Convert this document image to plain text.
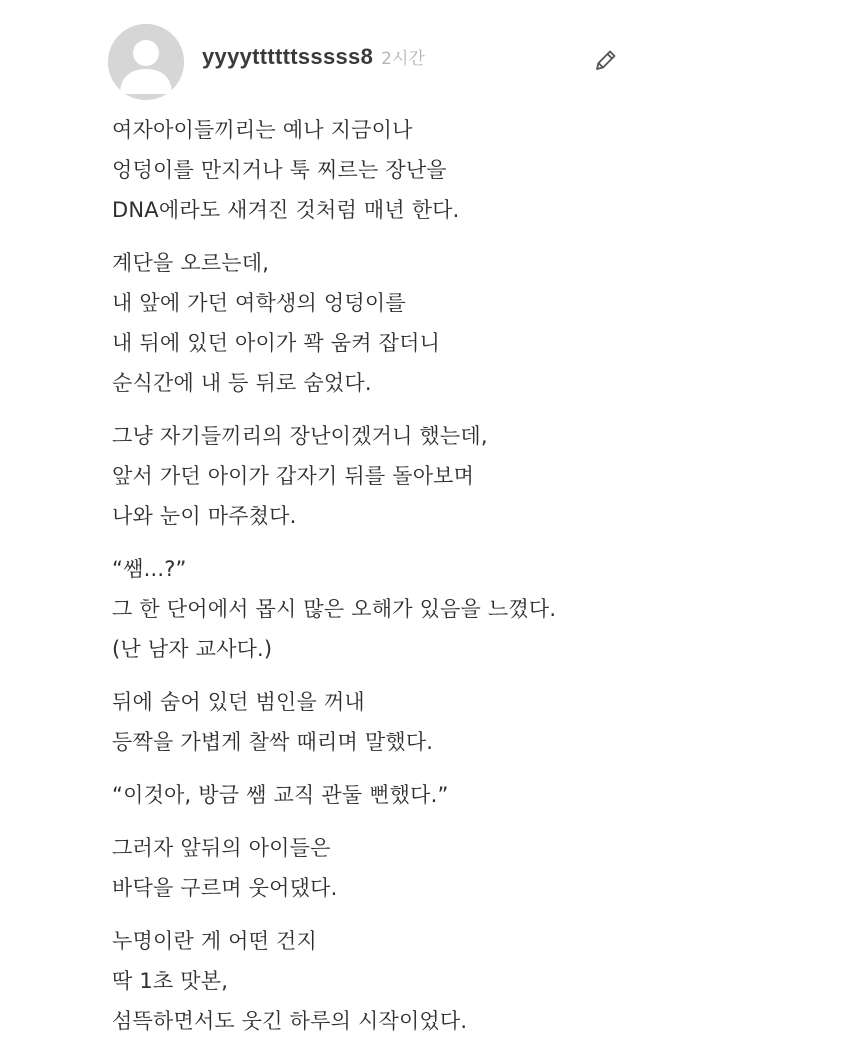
yyyyttttttsssss8 2시간
여자아이들끼리는 예나 지금이나
엉덩이를 만지거나 툭 찌르는 장난을
DNA에라도 새겨진 것처럼 매년 한다.
계단을 오르는데,
내 앞에 가던 여학생의 엉덩이를
내 뒤에 있던 아이가 꽉 움켜 잡더니
순식간에 내 등 뒤로 숨었다.
그냥 자기들끼리의 장난이겠거니 했는데,
앞서 가던 아이가 갑자기 뒤를 돌아보며
나와 눈이 마주쳤다.
“쌤...?”
그 한 단어에서 몹시 많은 오해가 있음을 느꼈다.
(난 남자 교사다.)
뒤에 숨어 있던 범인을 꺼내
등짝을 가볍게 찰싹 때리며 말했다.
“이것아, 방금 쌤 교직 관둘 뻔했다.”
그러자 앞뒤의 아이들은
바닥을 구르며 웃어댔다.
누명이란 게 어떤 건지
딱 1초 맛본,
섬뜩하면서도 웃긴 하루의 시작이었다.
